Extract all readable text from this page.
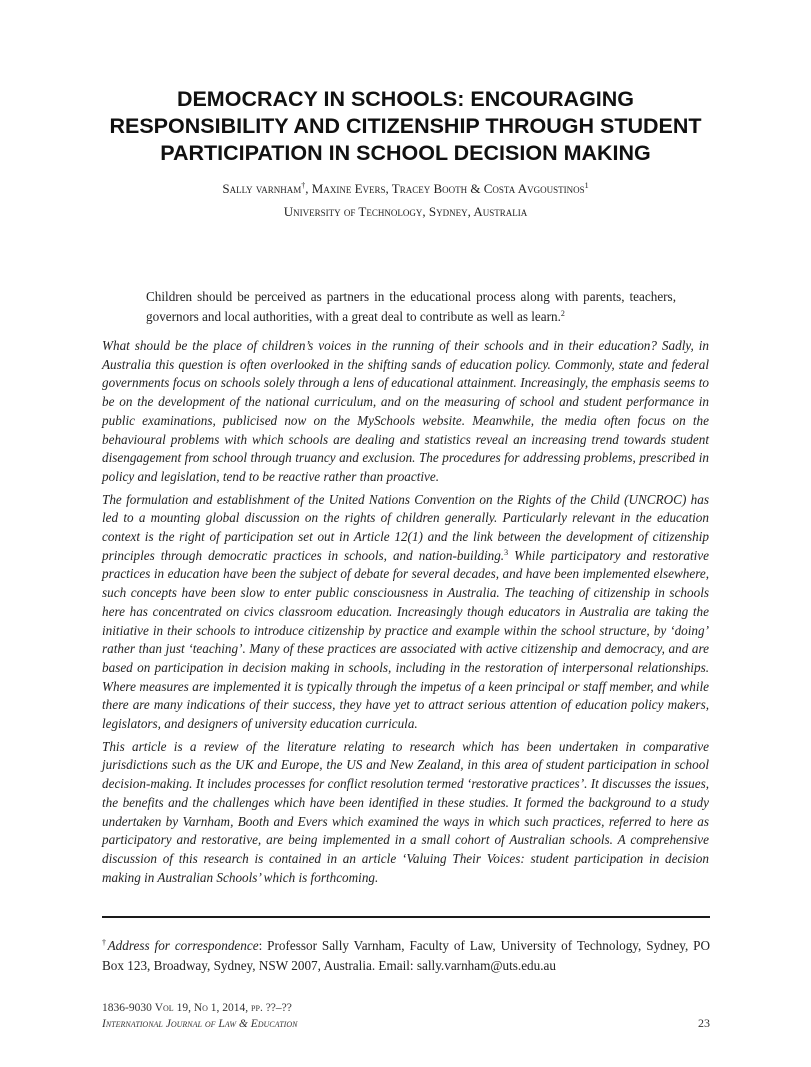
DEMOCRACY IN SCHOOLS: ENCOURAGING
RESPONSIBILITY AND CITIZENSHIP THROUGH STUDENT
PARTICIPATION IN SCHOOL DECISION MAKING
Sally varnham†, Maxine Evers, Tracey Booth & Costa Avgoustinos$^1$
University of Technology, Sydney, Australia
Children should be perceived as partners in the educational process along with parents, teachers, governors and local authorities, with a great deal to contribute as well as learn.$^2$

What should be the place of children’s voices in the running of their schools and in their education? Sadly, in Australia this question is often overlooked in the shifting sands of education policy. Commonly, state and federal governments focus on schools solely through a lens of educational attainment. Increasingly, the emphasis seems to be on the development of the national curriculum, and on the measuring of school and student performance in public examinations, publicised now on the MySchools website. Meanwhile, the media often focus on the behavioural problems with which schools are dealing and statistics reveal an increasing trend towards student disengagement from school through truancy and exclusion. The procedures for addressing problems, prescribed in policy and legislation, tend to be reactive rather than proactive.

The formulation and establishment of the United Nations Convention on the Rights of the Child (UNCROC) has led to a mounting global discussion on the rights of children generally. Particularly relevant in the education context is the right of participation set out in Article 12(1) and the link between the development of citizenship principles through democratic practices in schools, and nation-building.$^3$ While participatory and restorative practices in education have been the subject of debate for several decades, and have been implemented elsewhere, such concepts have been slow to enter public consciousness in Australia. The teaching of citizenship in schools here has concentrated on civics classroom education. Increasingly though educators in Australia are taking the initiative in their schools to introduce citizenship by practice and example within the school structure, by ‘doing’ rather than just ‘teaching’. Many of these practices are associated with active citizenship and democracy, and are based on participation in decision making in schools, including in the restoration of interpersonal relationships. Where measures are implemented it is typically through the impetus of a keen principal or staff member, and while there are many indications of their success, they have yet to attract serious attention of education policy makers, legislators, and designers of university education curricula.

This article is a review of the literature relating to research which has been undertaken in comparative jurisdictions such as the UK and Europe, the US and New Zealand, in this area of student participation in school decision-making. It includes processes for conflict resolution termed ‘restorative practices’. It discusses the issues, the benefits and the challenges which have been identified in these studies. It formed the background to a study undertaken by Varnham, Booth and Evers which examined the ways in which such practices, referred to here as participatory and restorative, are being implemented in a small cohort of Australian schools. A comprehensive discussion of this research is contained in an article ‘Valuing Their Voices: student participation in decision making in Australian Schools’ which is forthcoming.

†Address for correspondence: Professor Sally Varnham, Faculty of Law, University of Technology, Sydney, PO Box 123, Broadway, Sydney, NSW 2007, Australia. Email: sally.varnham@uts.edu.au
1836-9030 Vol 19, No 1, 2014, pp. ??–??
International Journal of Law & Education	23
